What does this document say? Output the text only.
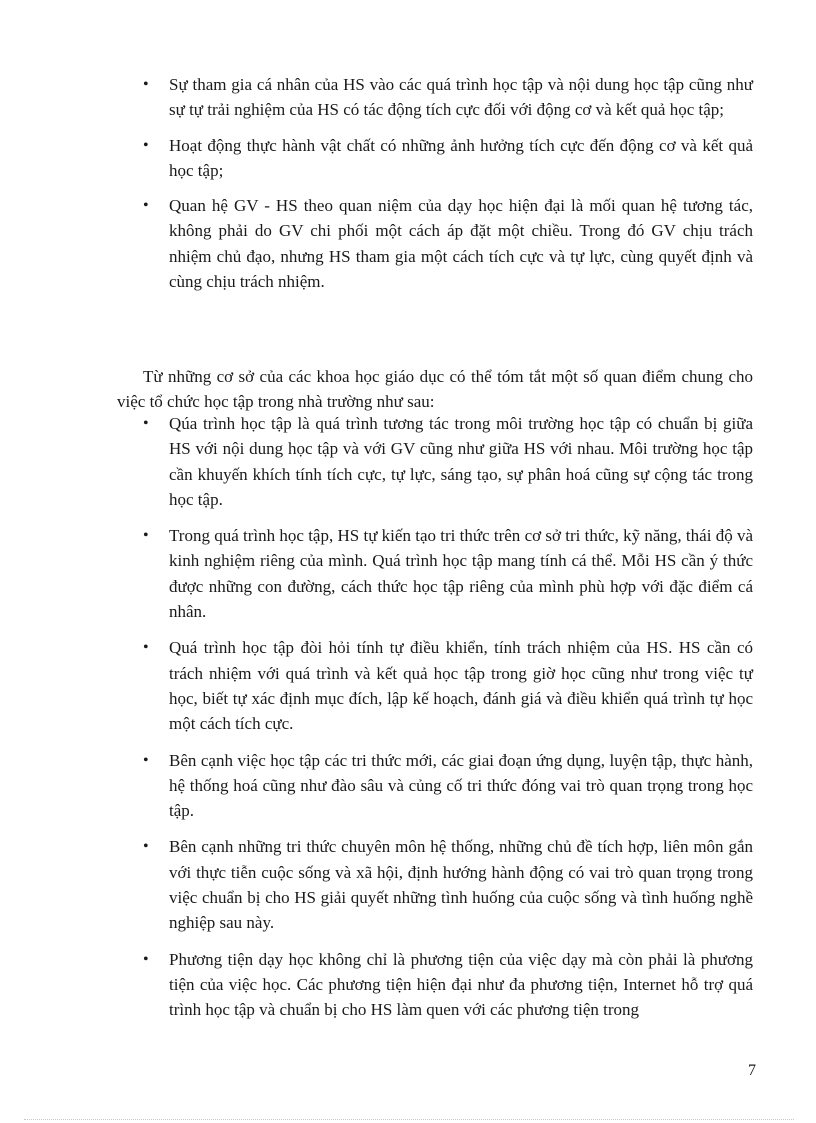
• Sự tham gia cá nhân của HS vào các quá trình học tập và nội dung học tập cũng như sự tự trải nghiệm của HS có tác động tích cực đối với động cơ và kết quả học tập;
• Hoạt động thực hành vật chất có những ảnh hưởng tích cực đến động cơ và kết quả học tập;
• Quan hệ GV - HS theo quan niệm của dạy học hiện đại là mối quan hệ tương tác, không phải do GV chi phối một cách áp đặt một chiều. Trong đó GV chịu trách nhiệm chủ đạo, nhưng HS tham gia một cách tích cực và tự lực, cùng quyết định và cùng chịu trách nhiệm.

Từ những cơ sở của các khoa học giáo dục có thể tóm tắt một số quan điểm chung cho việc tổ chức học tập trong nhà trường như sau:

• Qúa trình học tập là quá trình tương tác trong môi trường học tập có chuẩn bị giữa HS với nội dung học tập và với GV cũng như giữa HS với nhau. Môi trường học tập cần khuyến khích tính tích cực, tự lực, sáng tạo, sự phân hoá cũng sự cộng tác trong học tập.
• Trong quá trình học tập, HS tự kiến tạo tri thức trên cơ sở tri thức, kỹ năng, thái độ và kinh nghiệm riêng của mình. Quá trình học tập mang tính cá thể. Mỗi HS cần ý thức được những con đường, cách thức học tập riêng của mình phù hợp với đặc điểm cá nhân.
• Quá trình học tập đòi hỏi tính tự điều khiển, tính trách nhiệm của HS. HS cần có trách nhiệm với quá trình và kết quả học tập trong giờ học cũng như trong việc tự học, biết tự xác định mục đích, lập kế hoạch, đánh giá và điều khiển quá trình tự học một cách tích cực.
• Bên cạnh việc học tập các tri thức mới, các giai đoạn ứng dụng, luyện tập, thực hành, hệ thống hoá cũng như đào sâu và củng cố tri thức đóng vai trò quan trọng trong học tập.
• Bên cạnh những tri thức chuyên môn hệ thống, những chủ đề tích hợp, liên môn gắn với thực tiễn cuộc sống và xã hội, định hướng hành động có vai trò quan trọng trong việc chuẩn bị cho HS giải quyết những tình huống của cuộc sống và tình huống nghề nghiệp sau này.
• Phương tiện dạy học không chỉ là phương tiện của việc dạy mà còn phải là phương tiện của việc học. Các phương tiện hiện đại như đa phương tiện, Internet hỗ trợ quá trình học tập và chuẩn bị cho HS làm quen với các phương tiện trong
7
